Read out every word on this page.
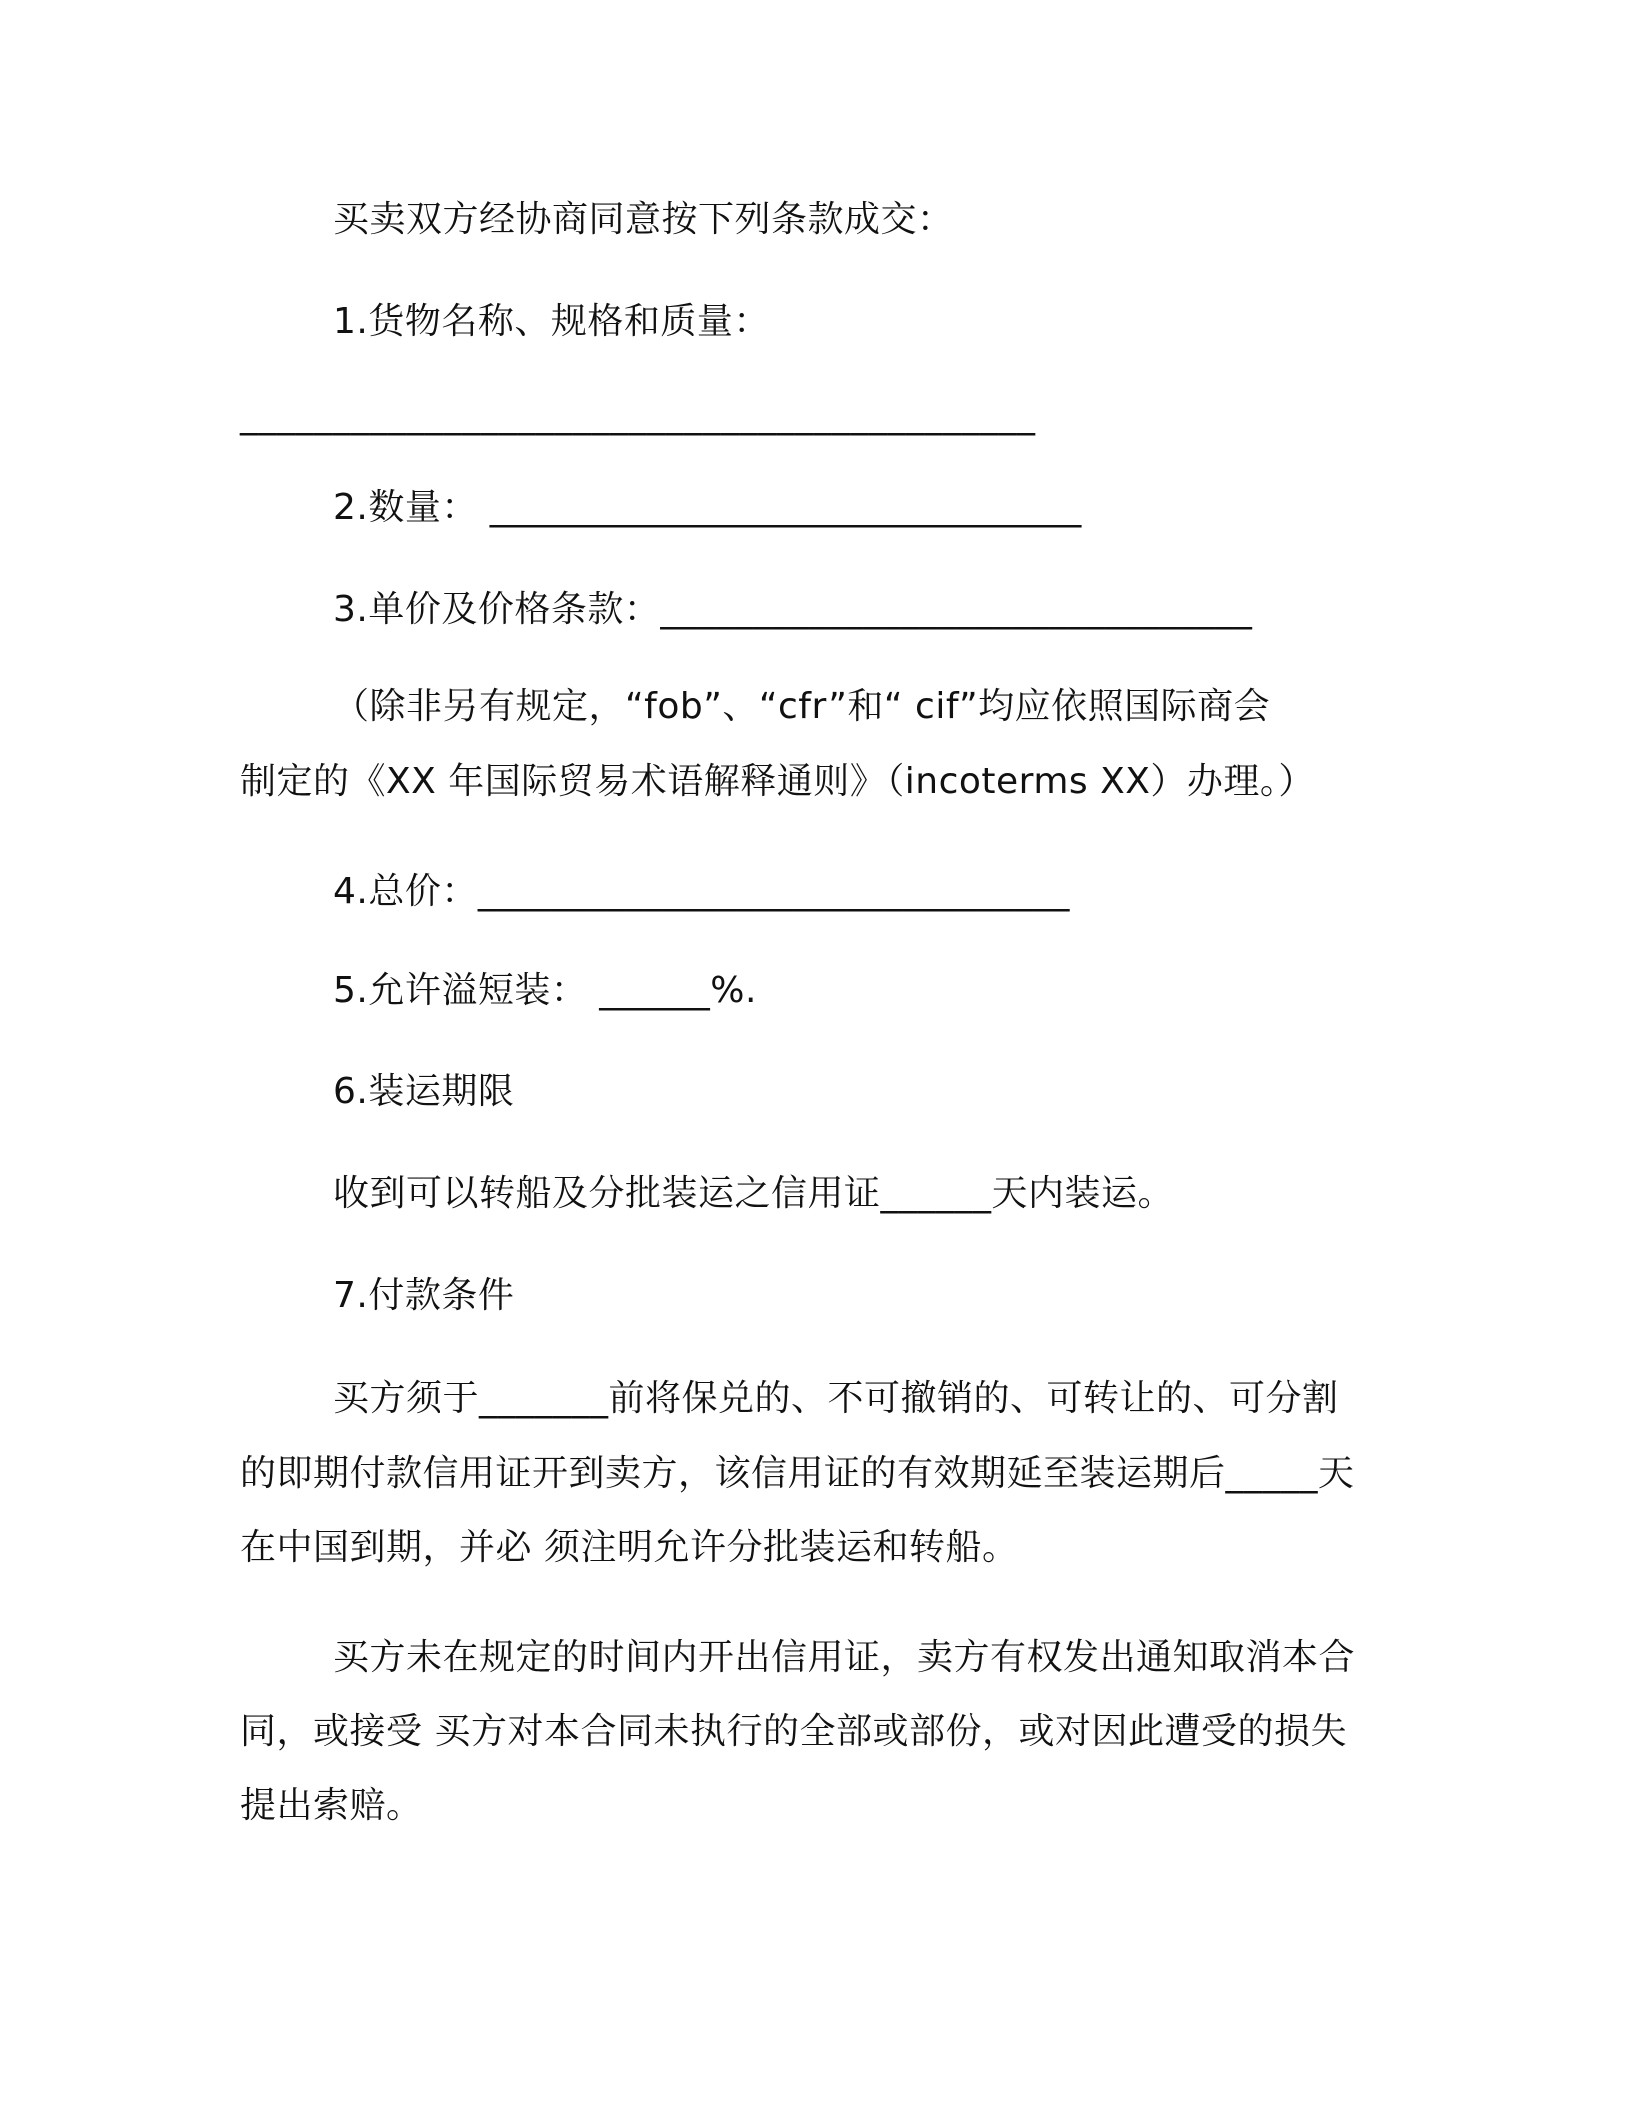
买卖双方经协商同意按下列条款成交：
1.货物名称、规格和质量：
___________________________________________
2.数量： ________________________________
3.单价及价格条款：________________________________
（除非另有规定，“fob”、“cfr”和“ cif”均应依照国际商会
制定的《XX 年国际贸易术语解释通则》（incoterms XX）办理。）
4.总价：________________________________
5.允许溢短装： ______%.
6.装运期限
收到可以转船及分批装运之信用证______天内装运。
7.付款条件
买方须于_______前将保兑的、不可撤销的、可转让的、可分割
的即期付款信用证开到卖方，该信用证的有效期延至装运期后_____天
在中国到期，并必 须注明允许分批装运和转船。
买方未在规定的时间内开出信用证，卖方有权发出通知取消本合
同，或接受 买方对本合同未执行的全部或部份，或对因此遭受的损失
提出索赔。
